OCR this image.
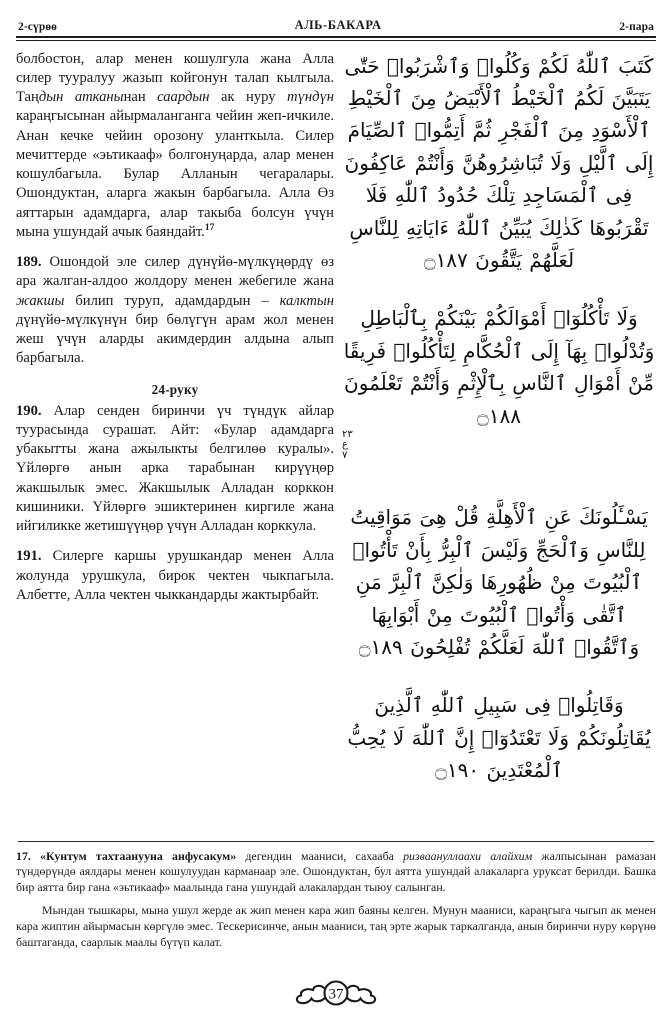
2-сүрөө	АЛЬ-БАКАРА	2-пара

болбостон, алар менен кошулгула жана Алла силер тууралуу жазып койгонун талап кылгыла. Таңдын атканынан саардын ак нуру түндүн караңгысынан айырмаланганга чейин жеп-ичкиле. Анан кечке чейин орозону уланткыла. Силер мечиттерде «эьтикааф» болгонуңарда, алар менен кошулбагыла. Булар Алланын чегаралары. Ошондуктан, аларга жакын барбагыла. Алла Өз аяттарын адамдарга, алар такыба болсун үчүн мына ушундай ачык баяндайт.$^{17}$

189.Ошондой эле силер дүнүйө-мүлкүңөрдү өз ара жалган-алдоо жолдору менен жебегиле жана жакшы билип туруп, адамдардын – калктын дүнүйө-мүлкүнүн бир бөлүгүн арам жол менен жеш үчүн аларды акимдердин алдына алып барбагыла.

24-руку

190.Алар сенден биринчи үч түндүк айлар туурасында сурашат. Айт: «Булар адамдарга убакытты жана ажылыкты белгилөө куралы». Үйлөргө анын арка тарабынан кирүүңөр жакшылык эмес. Жакшылык Алладан корккон кишиники. Үйлөргө эшиктеринен киргиле жана ийгиликке жетишүүңөр үчүн Алладан корккула.

191.Силерге каршы урушкандар менен Алла жолунда урушкула, бирок чектен чыкпагыла. Албетте, Алла чектен чыккандарды жактырбайт.

كَتَبَ ٱللّٰهُ لَكُمْ وَكُلُوا۟ وَٱشْرَبُوا۟ حَتّٰى يَتَبَيَّنَ لَكُمُ ٱلْخَيْطُ ٱلْأَبْيَضُ مِنَ ٱلْخَيْطِ ٱلْأَسْوَدِ مِنَ ٱلْفَجْرِ ثُمَّ أَتِمُّوا۟ ٱلصِّيَامَ إِلَى ٱلَّيْلِ وَلَا تُبَاشِرُوهُنَّ وَأَنْتُمْ عَاكِفُونَ فِى ٱلْمَسَاجِدِ تِلْكَ حُدُودُ ٱللّٰهِ فَلَا تَقْرَبُوهَا كَذٰلِكَ يُبَيِّنُ ٱللّٰهُ ءَايَاتِهِ لِلنَّاسِ لَعَلَّهُمْ يَتَّقُونَ ۝١٨٧
وَلَا تَأْكُلُوٓا۟ أَمْوَالَكُمْ بَيْنَكُمْ بِٱلْبَاطِلِ وَتُدْلُوا۟ بِهَآ إِلَى ٱلْحُكَّامِ لِتَأْكُلُوا۟ فَرِيقًا مِّنْ أَمْوَالِ ٱلنَّاسِ بِٱلْإِثْمِ وَأَنْتُمْ تَعْلَمُونَ ۝١٨٨
٢٣
ع
٧
يَسْـَٔلُونَكَ عَنِ ٱلْأَهِلَّةِ قُلْ هِىَ مَوَاقِيتُ لِلنَّاسِ وَٱلْحَجِّ وَلَيْسَ ٱلْبِرُّ بِأَنْ تَأْتُوا۟ ٱلْبُيُوتَ مِنْ ظُهُورِهَا وَلٰكِنَّ ٱلْبِرَّ مَنِ ٱتَّقٰى وَأْتُوا۟ ٱلْبُيُوتَ مِنْ أَبْوَابِهَا وَٱتَّقُوا۟ ٱللّٰهَ لَعَلَّكُمْ تُفْلِحُونَ ۝١٨٩
وَقَاتِلُوا۟ فِى سَبِيلِ ٱللّٰهِ ٱلَّذِينَ يُقَاتِلُونَكُمْ وَلَا تَعْتَدُوٓا۟ إِنَّ ٱللّٰهَ لَا يُحِبُّ ٱلْمُعْتَدِينَ ۝١٩٠

17. «Кунтум тахтаанууна анфусакум» дегендин мааниси, сахааба ризваануллаахи алайхим жалпысынан рамазан түндөрүндө аялдары менен кошулуудан карманаар эле. Ошондуктан, бул аятта ушундай алакаларга уруксат берилди. Башка бир аятта бир гана «эьтикааф» маалында гана ушундай алакалардан тыюу салынган.

Мындан тышкары, мына ушул жерде ак жип менен кара жип баяны келген. Мунун мааниси, караңгыга чыгып ак менен кара жиптин айырмасын көргүлө эмес. Тескерисинче, анын мааниси, таң эрте жарык таркалганда, анын биринчи нуру көрүнө баштаганда, саарлык маалы бүтүп калат.

37
